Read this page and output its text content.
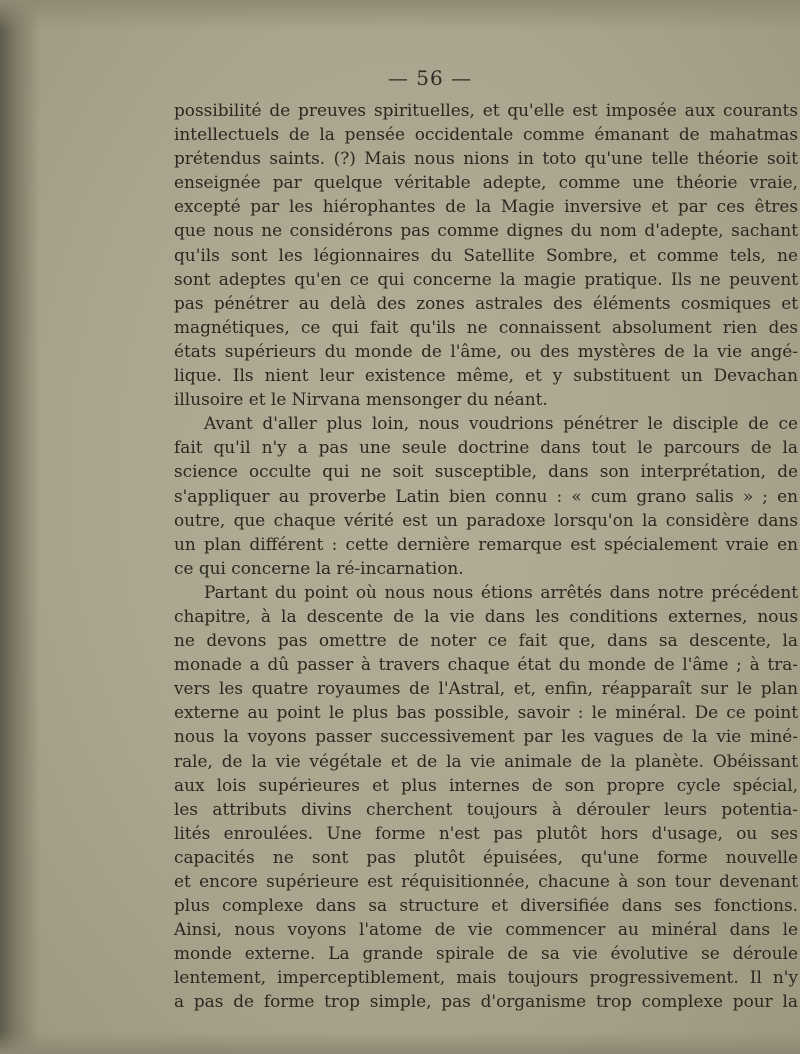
— 56 —
possibilité de preuves spirituelles, et qu'elle est imposée aux courants
intellectuels de la pensée occidentale comme émanant de mahatmas
prétendus saints. (?) Mais nous nions in toto qu'une telle théorie soit
enseignée par quelque véritable adepte, comme une théorie vraie,
excepté par les hiérophantes de la Magie inversive et par ces êtres
que nous ne considérons pas comme dignes du nom d'adepte, sachant
qu'ils sont les légionnaires du Satellite Sombre, et comme tels, ne
sont adeptes qu'en ce qui concerne la magie pratique. Ils ne peuvent
pas pénétrer au delà des zones astrales des éléments cosmiques et
magnétiques, ce qui fait qu'ils ne connaissent absolument rien des
états supérieurs du monde de l'âme, ou des mystères de la vie angé-
lique. Ils nient leur existence même, et y substituent un Devachan
illusoire et le Nirvana mensonger du néant.
Avant d'aller plus loin, nous voudrions pénétrer le disciple de ce
fait qu'il n'y a pas une seule doctrine dans tout le parcours de la
science occulte qui ne soit susceptible, dans son interprétation, de
s'appliquer au proverbe Latin bien connu : « cum grano salis » ; en
outre, que chaque vérité est un paradoxe lorsqu'on la considère dans
un plan différent : cette dernière remarque est spécialement vraie en
ce qui concerne la ré-incarnation.
Partant du point où nous nous étions arrêtés dans notre précédent
chapitre, à la descente de la vie dans les conditions externes, nous
ne devons pas omettre de noter ce fait que, dans sa descente, la
monade a dû passer à travers chaque état du monde de l'âme ; à tra-
vers les quatre royaumes de l'Astral, et, enfin, réapparaît sur le plan
externe au point le plus bas possible, savoir : le minéral. De ce point
nous la voyons passer successivement par les vagues de la vie miné-
rale, de la vie végétale et de la vie animale de la planète. Obéissant
aux lois supérieures et plus internes de son propre cycle spécial,
les attributs divins cherchent toujours à dérouler leurs potentia-
lités enroulées. Une forme n'est pas plutôt hors d'usage, ou ses
capacités ne sont pas plutôt épuisées, qu'une forme nouvelle
et encore supérieure est réquisitionnée, chacune à son tour devenant
plus complexe dans sa structure et diversifiée dans ses fonctions.
Ainsi, nous voyons l'atome de vie commencer au minéral dans le
monde externe. La grande spirale de sa vie évolutive se déroule
lentement, imperceptiblement, mais toujours progressivement. Il n'y
a pas de forme trop simple, pas d'organisme trop complexe pour la
